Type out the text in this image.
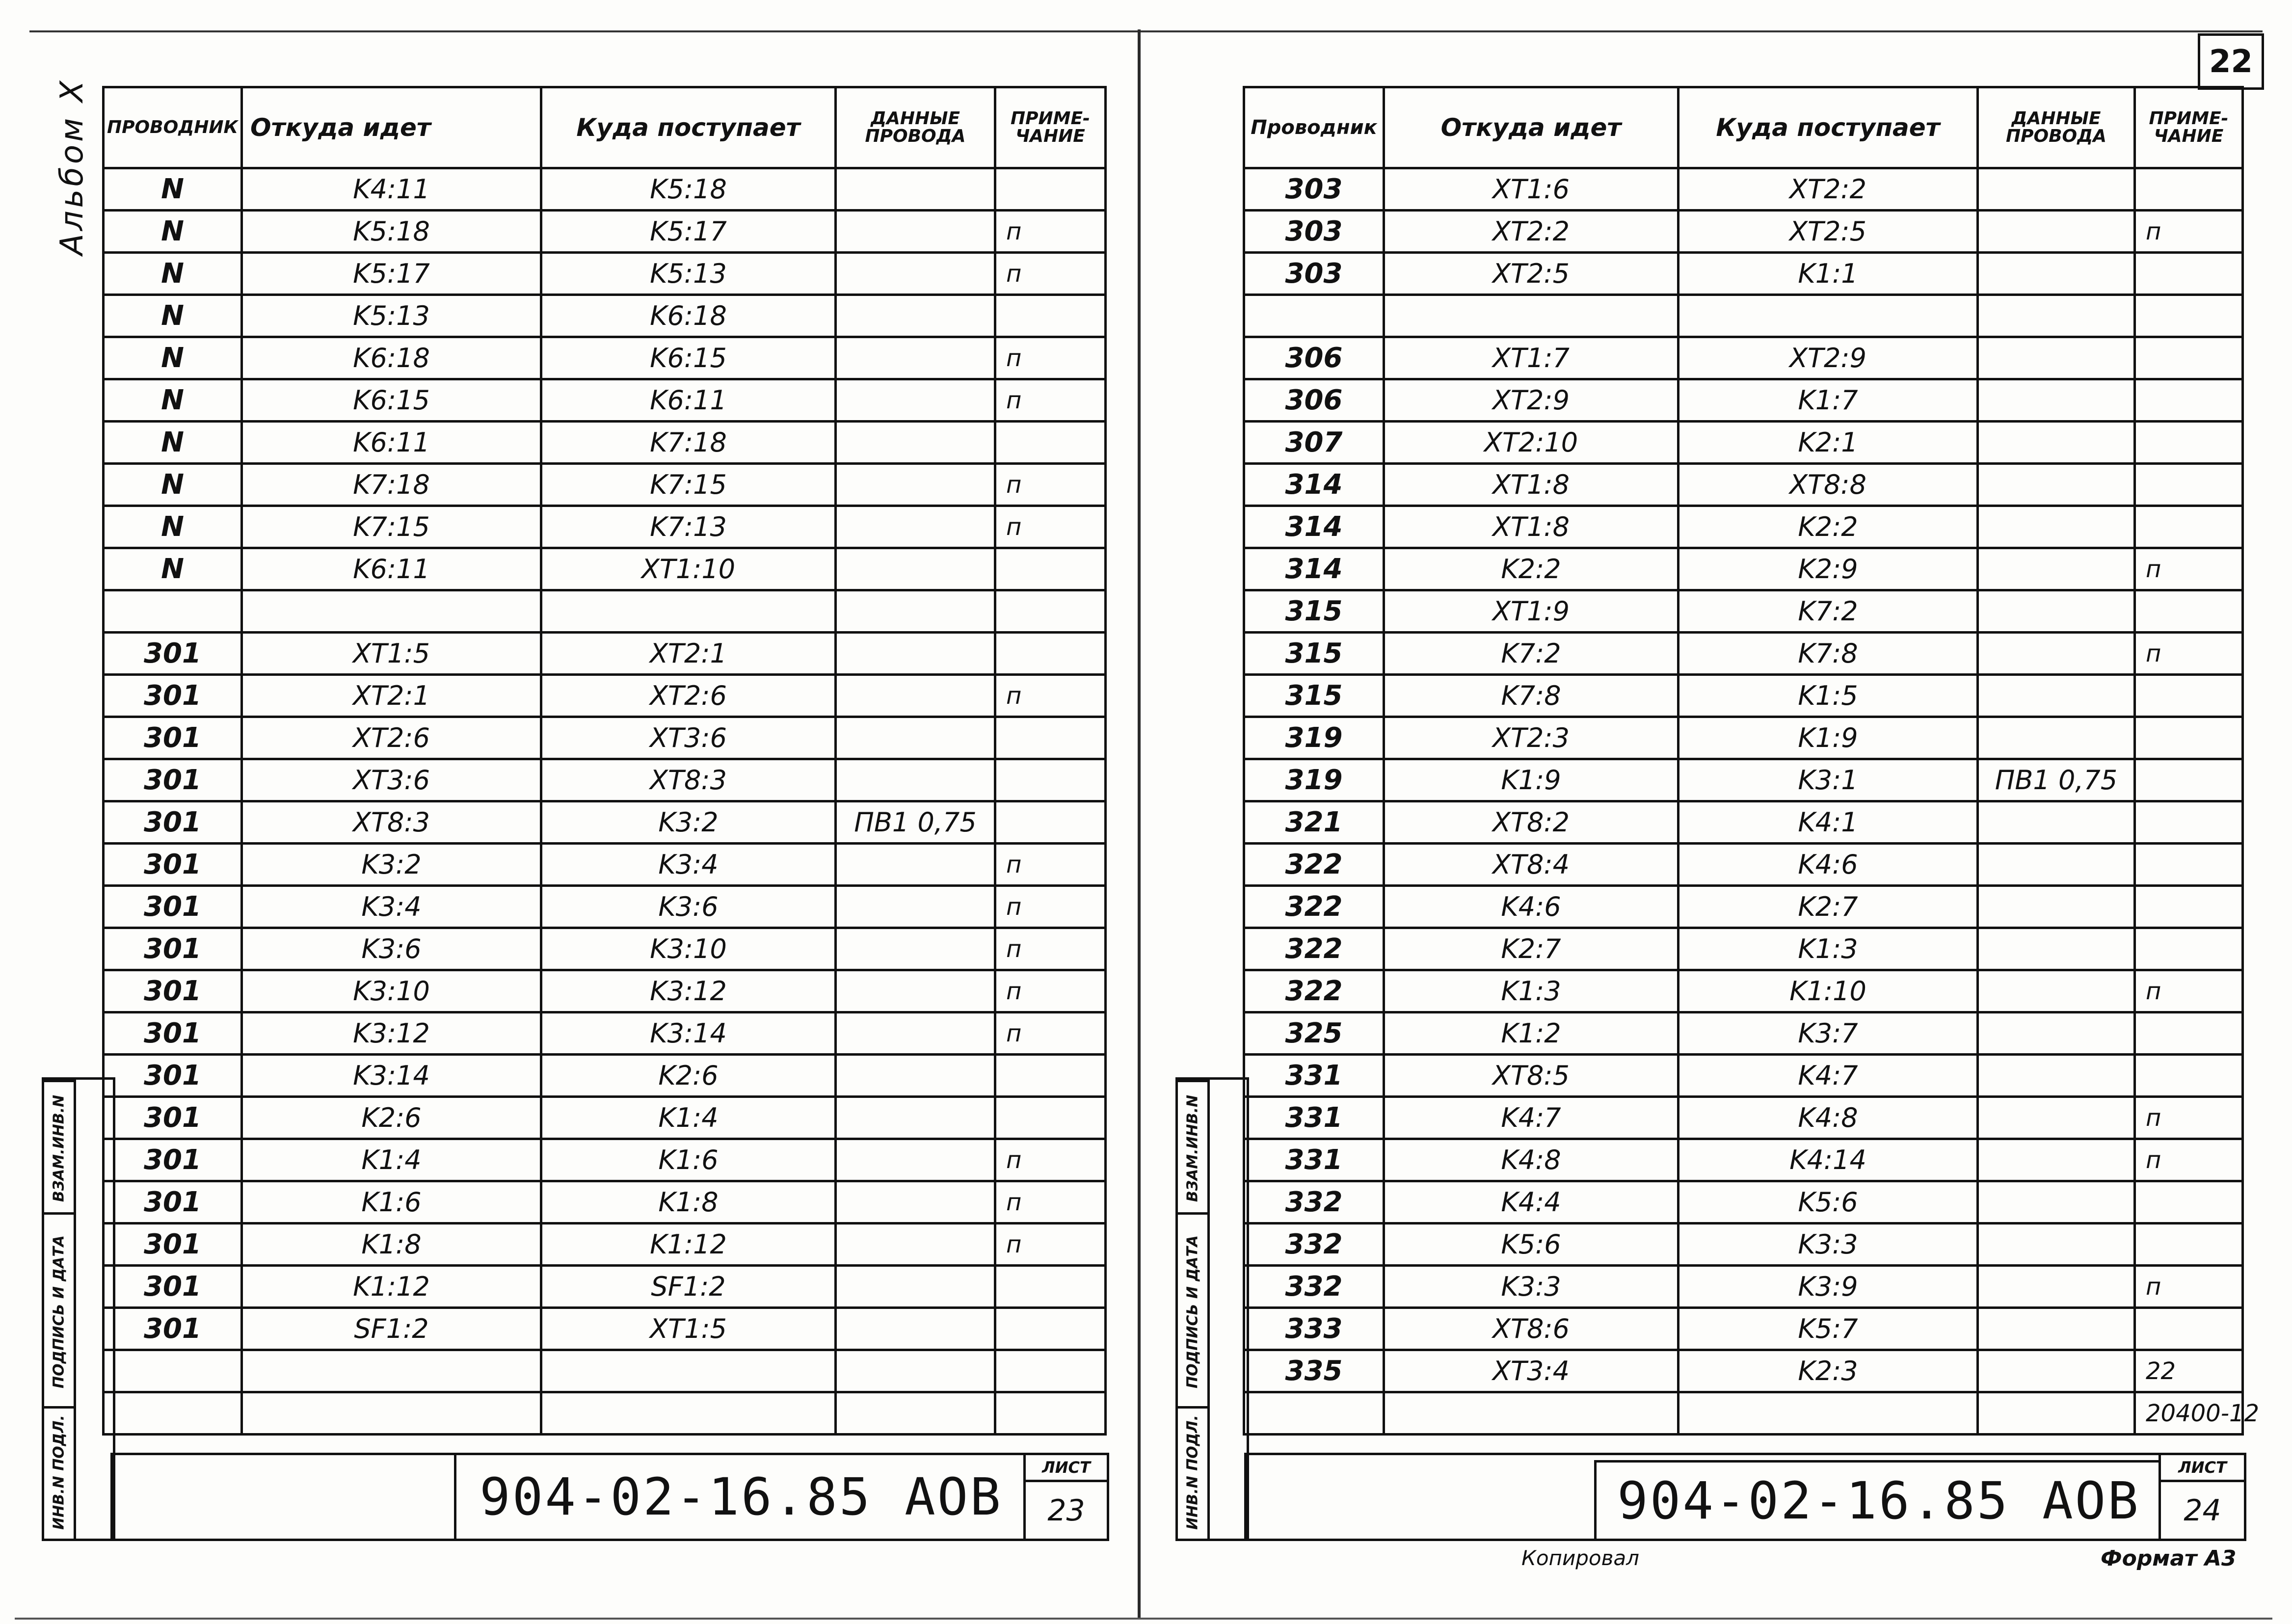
Альбом X
ВЗАМ.ИНВ.N
ПОДПИСЬ И ДАТА
ИНВ.N ПОДЛ.
ПРОВОДНИК	Откуда идет	Куда поступает	ДАННЫЕ ПРОВОДА	ПРИМЕ-ЧАНИЕ
N	K4:11	K5:18		
N	K5:18	K5:17		п
N	K5:17	K5:13		п
N	K5:13	K6:18		
N	K6:18	K6:15		п
N	K6:15	K6:11		п
N	K6:11	K7:18		
N	K7:18	K7:15		п
N	K7:15	K7:13		п
N	K6:11	XT1:10		

301	XT1:5	XT2:1		
301	XT2:1	XT2:6		п
301	XT2:6	XT3:6		
301	XT3:6	XT8:3		
301	XT8:3	K3:2	ПВ1 0,75	
301	K3:2	K3:4		п
301	K3:4	K3:6		п
301	K3:6	K3:10		п
301	K3:10	K3:12		п
301	K3:12	K3:14		п
301	K3:14	K2:6		
301	K2:6	K1:4		
301	K1:4	K1:6		п
301	K1:6	K1:8		п
301	K1:8	K1:12		п
301	K1:12	SF1:2		
301	SF1:2	XT1:5		

904-02-16.85 АОВ	ЛИСТ
23
22
ВЗАМ.ИНВ.N
ПОДПИСЬ И ДАТА
ИНВ.N ПОДЛ.
Проводник	Откуда идет	Куда поступает	ДАННЫЕ ПРОВОДА	ПРИМЕ-ЧАНИЕ
303	XT1:6	XT2:2		
303	XT2:2	XT2:5		п
303	XT2:5	K1:1		

306	XT1:7	XT2:9		
306	XT2:9	K1:7		
307	XT2:10	K2:1		
314	XT1:8	XT8:8		
314	XT1:8	K2:2		
314	K2:2	K2:9		п
315	XT1:9	K7:2		
315	K7:2	K7:8		п
315	K7:8	K1:5		
319	XT2:3	K1:9		
319	K1:9	K3:1	ПВ1 0,75	
321	XT8:2	K4:1		
322	XT8:4	K4:6		
322	K4:6	K2:7		
322	K2:7	K1:3		
322	K1:3	K1:10		п
325	K1:2	K3:7		
331	XT8:5	K4:7		
331	K4:7	K4:8		п
331	K4:8	K4:14		п
332	K4:4	K5:6		
332	K5:6	K3:3		
332	K3:3	K3:9		п
333	XT8:6	K5:7		
335	XT3:4	K2:3		22
				20400-12
904-02-16.85 АОВ
ЛИСТ
24
Копировал	Формат А3
